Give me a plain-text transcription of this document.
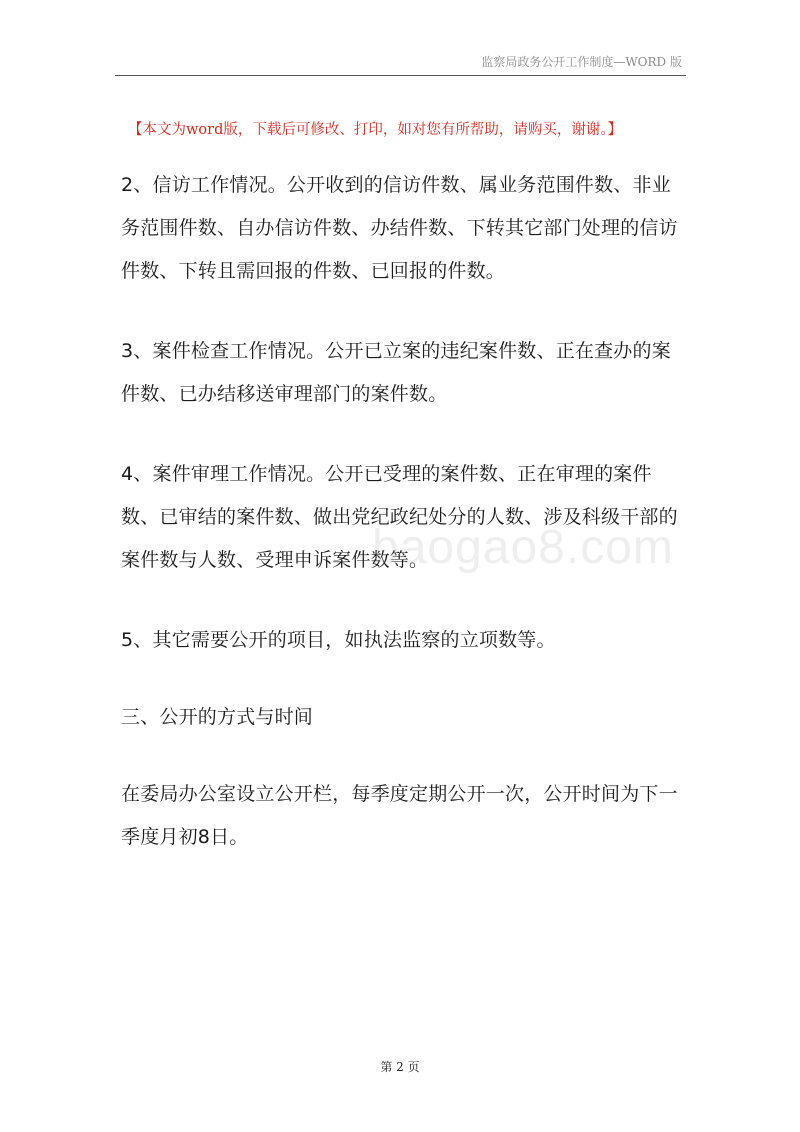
监察局政务公开工作制度—WORD 版
【本文为word版，下载后可修改、打印，如对您有所帮助，请购买，谢谢。】

2、信访工作情况。公开收到的信访件数、属业务范围件数、非业务范围件数、自办信访件数、办结件数、下转其它部门处理的信访件数、下转且需回报的件数、已回报的件数。

3、案件检查工作情况。公开已立案的违纪案件数、正在查办的案件数、已办结移送审理部门的案件数。

4、案件审理工作情况。公开已受理的案件数、正在审理的案件数、已审结的案件数、做出党纪政纪处分的人数、涉及科级干部的案件数与人数、受理申诉案件数等。

5、其它需要公开的项目，如执法监察的立项数等。

三、公开的方式与时间

在委局办公室设立公开栏，每季度定期公开一次，公开时间为下一季度月初8日。

baogao8.com
第 2 页
